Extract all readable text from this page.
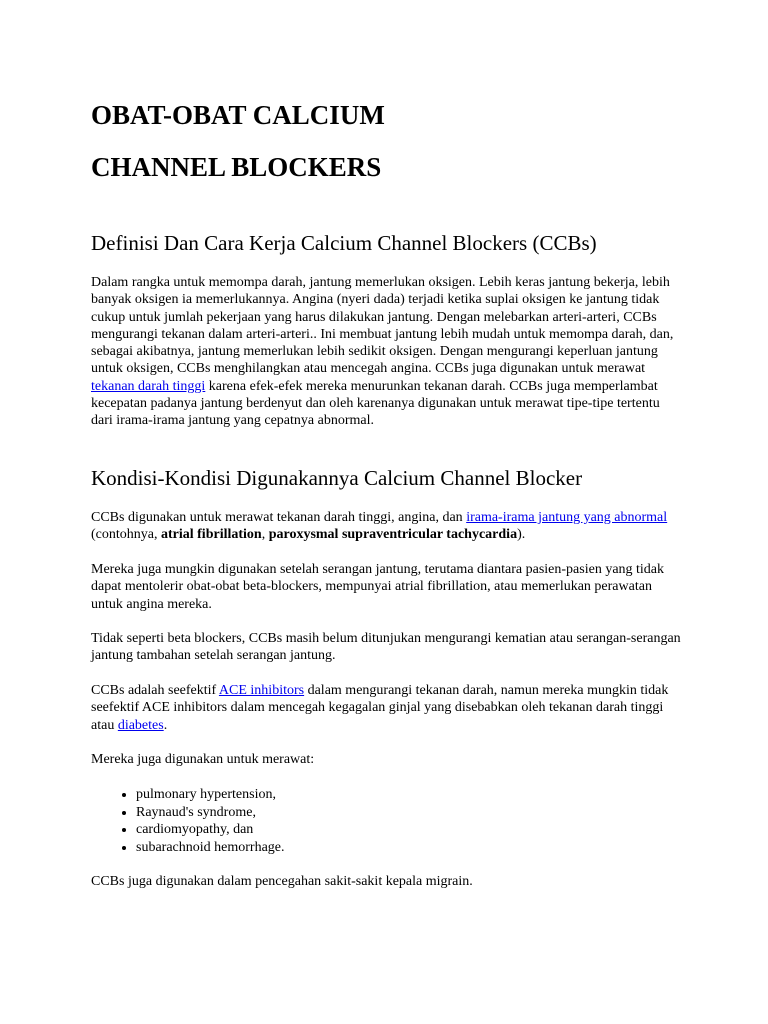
OBAT-OBAT CALCIUM
CHANNEL BLOCKERS
Definisi Dan Cara Kerja Calcium Channel Blockers (CCBs)

Dalam rangka untuk memompa darah, jantung memerlukan oksigen. Lebih keras jantung bekerja, lebih banyak oksigen ia memerlukannya. Angina (nyeri dada) terjadi ketika suplai oksigen ke jantung tidak cukup untuk jumlah pekerjaan yang harus dilakukan jantung. Dengan melebarkan arteri-arteri, CCBs mengurangi tekanan dalam arteri-arteri.. Ini membuat jantung lebih mudah untuk memompa darah, dan, sebagai akibatnya, jantung memerlukan lebih sedikit oksigen. Dengan mengurangi keperluan jantung untuk oksigen, CCBs menghilangkan atau mencegah angina. CCBs juga digunakan untuk merawat tekanan darah tinggi karena efek-efek mereka menurunkan tekanan darah. CCBs juga memperlambat kecepatan padanya jantung berdenyut dan oleh karenanya digunakan untuk merawat tipe-tipe tertentu dari irama-irama jantung yang cepatnya abnormal.

Kondisi-Kondisi Digunakannya Calcium Channel Blocker

CCBs digunakan untuk merawat tekanan darah tinggi, angina, dan irama-irama jantung yang abnormal (contohnya, atrial fibrillation, paroxysmal supraventricular tachycardia).

Mereka juga mungkin digunakan setelah serangan jantung, terutama diantara pasien-pasien yang tidak dapat mentolerir obat-obat beta-blockers, mempunyai atrial fibrillation, atau memerlukan perawatan untuk angina mereka.

Tidak seperti beta blockers, CCBs masih belum ditunjukan mengurangi kematian atau serangan-serangan jantung tambahan setelah serangan jantung.

CCBs adalah seefektif ACE inhibitors dalam mengurangi tekanan darah, namun mereka mungkin tidak seefektif ACE inhibitors dalam mencegah kegagalan ginjal yang disebabkan oleh tekanan darah tinggi atau diabetes.

Mereka juga digunakan untuk merawat:

• pulmonary hypertension,
• Raynaud's syndrome,
• cardiomyopathy, dan
• subarachnoid hemorrhage.

CCBs juga digunakan dalam pencegahan sakit-sakit kepala migrain.
